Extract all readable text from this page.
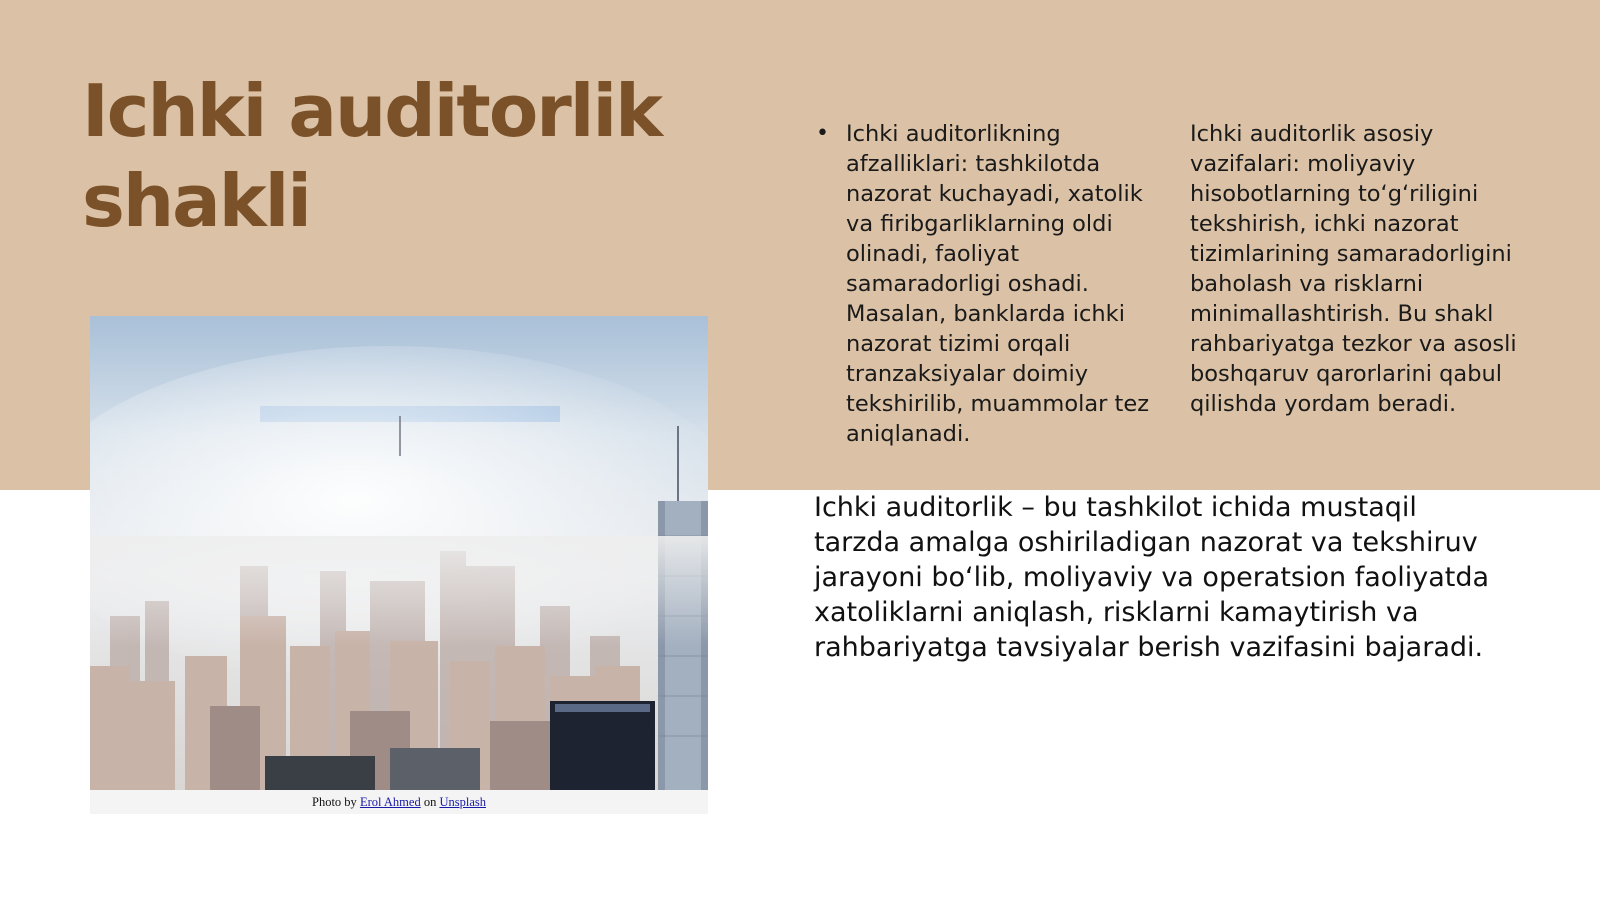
Ichki auditorlik shakli
Photo by Erol Ahmed on Unsplash
• Ichki auditorlikning afzalliklari: tashkilotda nazorat kuchayadi, xatolik va firibgarliklarning oldi olinadi, faoliyat samaradorligi oshadi. Masalan, banklarda ichki nazorat tizimi orqali tranzaksiyalar doimiy tekshirilib, muammolar tez aniqlanadi.
Ichki auditorlik asosiy vazifalari: moliyaviy hisobotlarning to‘g‘riligini tekshirish, ichki nazorat tizimlarining samaradorligini baholash va risklarni minimallashtirish. Bu shakl rahbariyatga tezkor va asosli boshqaruv qarorlarini qabul qilishda yordam beradi.
Ichki auditorlik – bu tashkilot ichida mustaqil tarzda amalga oshiriladigan nazorat va tekshiruv jarayoni bo‘lib, moliyaviy va operatsion faoliyatda xatoliklarni aniqlash, risklarni kamaytirish va rahbariyatga tavsiyalar berish vazifasini bajaradi.
